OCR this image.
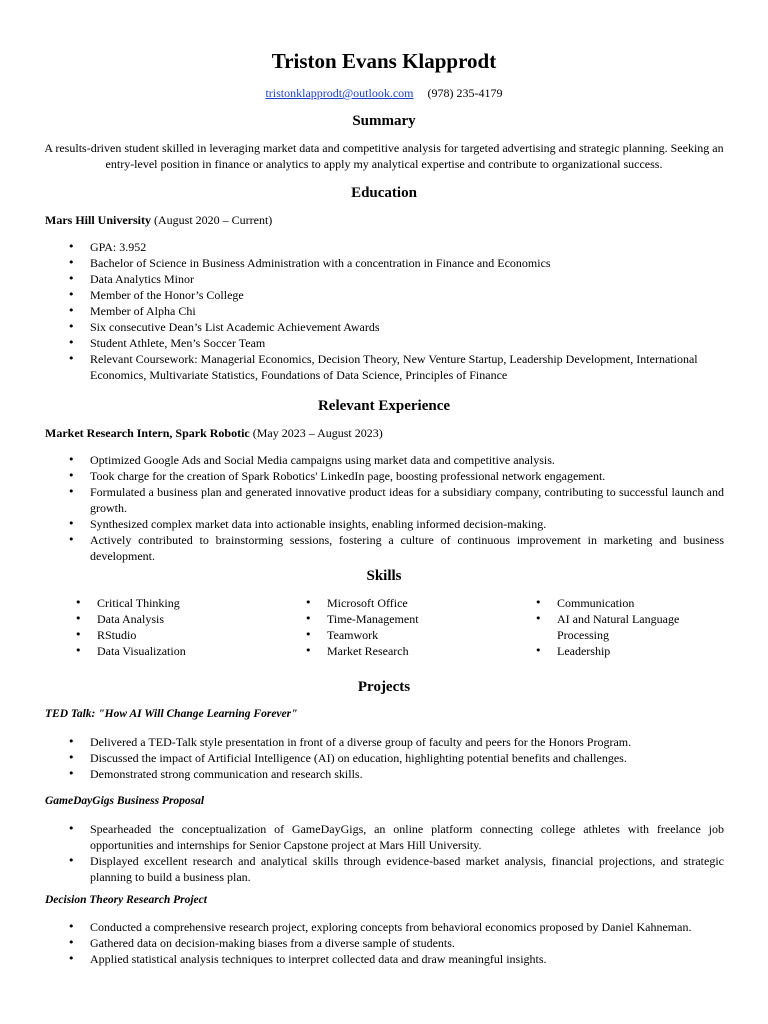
Triston Evans Klapprodt
tristonklapprodt@outlook.com (978) 235-4179
Summary
A results-driven student skilled in leveraging market data and competitive analysis for targeted advertising and strategic planning. Seeking an entry-level position in finance or analytics to apply my analytical expertise and contribute to organizational success.
Education
Mars Hill University (August 2020 – Current)
• GPA: 3.952
• Bachelor of Science in Business Administration with a concentration in Finance and Economics
• Data Analytics Minor
• Member of the Honor’s College
• Member of Alpha Chi
• Six consecutive Dean’s List Academic Achievement Awards
• Student Athlete, Men’s Soccer Team
• Relevant Coursework: Managerial Economics, Decision Theory, New Venture Startup, Leadership Development, International Economics, Multivariate Statistics, Foundations of Data Science, Principles of Finance
Relevant Experience
Market Research Intern, Spark Robotic (May 2023 – August 2023)
• Optimized Google Ads and Social Media campaigns using market data and competitive analysis.
• Took charge for the creation of Spark Robotics' LinkedIn page, boosting professional network engagement.
• Formulated a business plan and generated innovative product ideas for a subsidiary company, contributing to successful launch and growth.
• Synthesized complex market data into actionable insights, enabling informed decision-making.
• Actively contributed to brainstorming sessions, fostering a culture of continuous improvement in marketing and business development.
Skills
• Critical Thinking
• Data Analysis
• RStudio
• Data Visualization
• Microsoft Office
• Time-Management
• Teamwork
• Market Research
• Communication
• AI and Natural Language Processing
• Leadership
Projects
TED Talk: "How AI Will Change Learning Forever"
• Delivered a TED-Talk style presentation in front of a diverse group of faculty and peers for the Honors Program.
• Discussed the impact of Artificial Intelligence (AI) on education, highlighting potential benefits and challenges.
• Demonstrated strong communication and research skills.
GameDayGigs Business Proposal
• Spearheaded the conceptualization of GameDayGigs, an online platform connecting college athletes with freelance job opportunities and internships for Senior Capstone project at Mars Hill University.
• Displayed excellent research and analytical skills through evidence-based market analysis, financial projections, and strategic planning to build a business plan.
Decision Theory Research Project
• Conducted a comprehensive research project, exploring concepts from behavioral economics proposed by Daniel Kahneman.
• Gathered data on decision-making biases from a diverse sample of students.
• Applied statistical analysis techniques to interpret collected data and draw meaningful insights.
